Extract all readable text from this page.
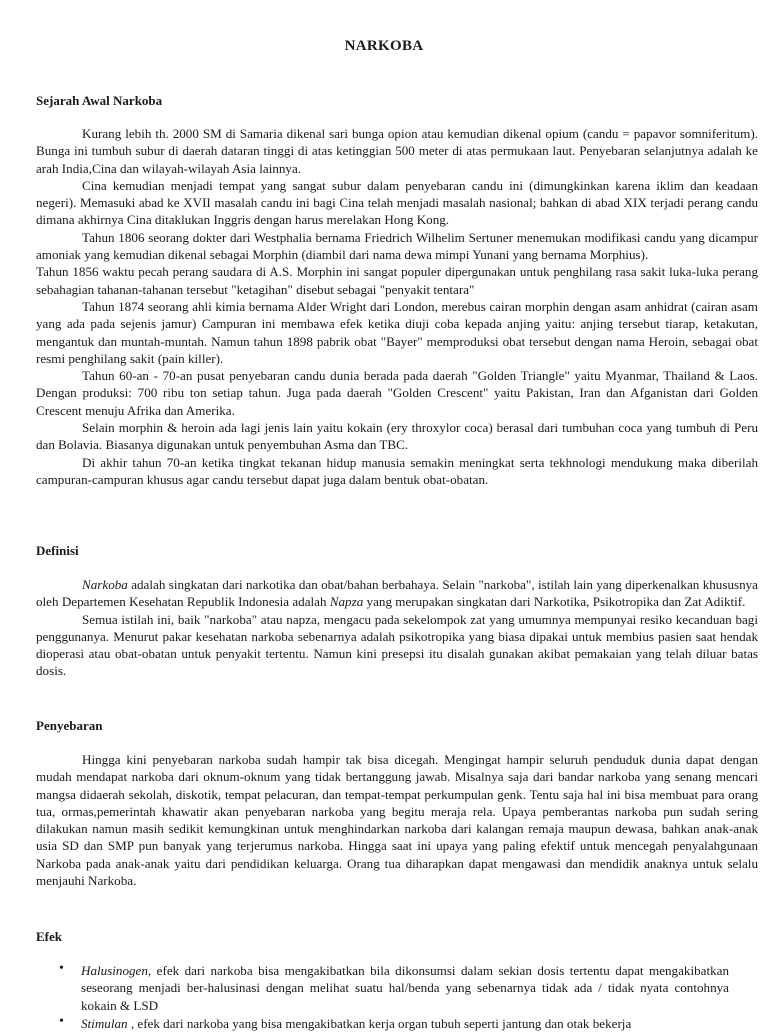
NARKOBA
Sejarah Awal Narkoba

Kurang lebih th. 2000 SM di Samaria dikenal sari bunga opion atau kemudian dikenal opium (candu = papavor somniferitum). Bunga ini tumbuh subur di daerah dataran tinggi di atas ketinggian 500 meter di atas permukaan laut. Penyebaran selanjutnya adalah ke arah India,Cina dan wilayah-wilayah Asia lainnya.

Cina kemudian menjadi tempat yang sangat subur dalam penyebaran candu ini (dimungkinkan karena iklim dan keadaan negeri). Memasuki abad ke XVII masalah candu ini bagi Cina telah menjadi masalah nasional; bahkan di abad XIX terjadi perang candu dimana akhirnya Cina ditaklukan Inggris dengan harus merelakan Hong Kong.

Tahun 1806 seorang dokter dari Westphalia bernama Friedrich Wilhelim Sertuner menemukan modifikasi candu yang dicampur amoniak yang kemudian dikenal sebagai Morphin (diambil dari nama dewa mimpi Yunani yang bernama Morphius).

Tahun 1856 waktu pecah perang saudara di A.S. Morphin ini sangat populer dipergunakan untuk penghilang rasa sakit luka-luka perang sebahagian tahanan-tahanan tersebut "ketagihan" disebut sebagai "penyakit tentara"

Tahun 1874 seorang ahli kimia bernama Alder Wright dari London, merebus cairan morphin dengan asam anhidrat (cairan asam yang ada pada sejenis jamur) Campuran ini membawa efek ketika diuji coba kepada anjing yaitu: anjing tersebut tiarap, ketakutan, mengantuk dan muntah-muntah. Namun tahun 1898 pabrik obat "Bayer" memproduksi obat tersebut dengan nama Heroin, sebagai obat resmi penghilang sakit (pain killer).

Tahun 60-an - 70-an pusat penyebaran candu dunia berada pada daerah "Golden Triangle" yaitu Myanmar, Thailand & Laos. Dengan produksi: 700 ribu ton setiap tahun. Juga pada daerah "Golden Crescent" yaitu Pakistan, Iran dan Afganistan dari Golden Crescent menuju Afrika dan Amerika.

Selain morphin & heroin ada lagi jenis lain yaitu kokain (ery throxylor coca) berasal dari tumbuhan coca yang tumbuh di Peru dan Bolavia. Biasanya digunakan untuk penyembuhan Asma dan TBC.

Di akhir tahun 70-an ketika tingkat tekanan hidup manusia semakin meningkat serta tekhnologi mendukung maka diberilah campuran-campuran khusus agar candu tersebut dapat juga dalam bentuk obat-obatan.

Definisi

Narkoba adalah singkatan dari narkotika dan obat/bahan berbahaya. Selain "narkoba", istilah lain yang diperkenalkan khususnya oleh Departemen Kesehatan Republik Indonesia adalah Napza yang merupakan singkatan dari Narkotika, Psikotropika dan Zat Adiktif.

Semua istilah ini, baik "narkoba" atau napza, mengacu pada sekelompok zat yang umumnya mempunyai resiko kecanduan bagi penggunanya. Menurut pakar kesehatan narkoba sebenarnya adalah psikotropika yang biasa dipakai untuk membius pasien saat hendak dioperasi atau obat-obatan untuk penyakit tertentu. Namun kini presepsi itu disalah gunakan akibat pemakaian yang telah diluar batas dosis.

Penyebaran

Hingga kini penyebaran narkoba sudah hampir tak bisa dicegah. Mengingat hampir seluruh penduduk dunia dapat dengan mudah mendapat narkoba dari oknum-oknum yang tidak bertanggung jawab. Misalnya saja dari bandar narkoba yang senang mencari mangsa didaerah sekolah, diskotik, tempat pelacuran, dan tempat-tempat perkumpulan genk. Tentu saja hal ini bisa membuat para orang tua, ormas,pemerintah khawatir akan penyebaran narkoba yang begitu meraja rela. Upaya pemberantas narkoba pun sudah sering dilakukan namun masih sedikit kemungkinan untuk menghindarkan narkoba dari kalangan remaja maupun dewasa, bahkan anak-anak usia SD dan SMP pun banyak yang terjerumus narkoba. Hingga saat ini upaya yang paling efektif untuk mencegah penyalahgunaan Narkoba pada anak-anak yaitu dari pendidikan keluarga. Orang tua diharapkan dapat mengawasi dan mendidik anaknya untuk selalu menjauhi Narkoba.

Efek
• Halusinogen, efek dari narkoba bisa mengakibatkan bila dikonsumsi dalam sekian dosis tertentu dapat mengakibatkan seseorang menjadi ber-halusinasi dengan melihat suatu hal/benda yang sebenarnya tidak ada / tidak nyata contohnya kokain & LSD

• Stimulan , efek dari narkoba yang bisa mengakibatkan kerja organ tubuh seperti jantung dan otak bekerja
